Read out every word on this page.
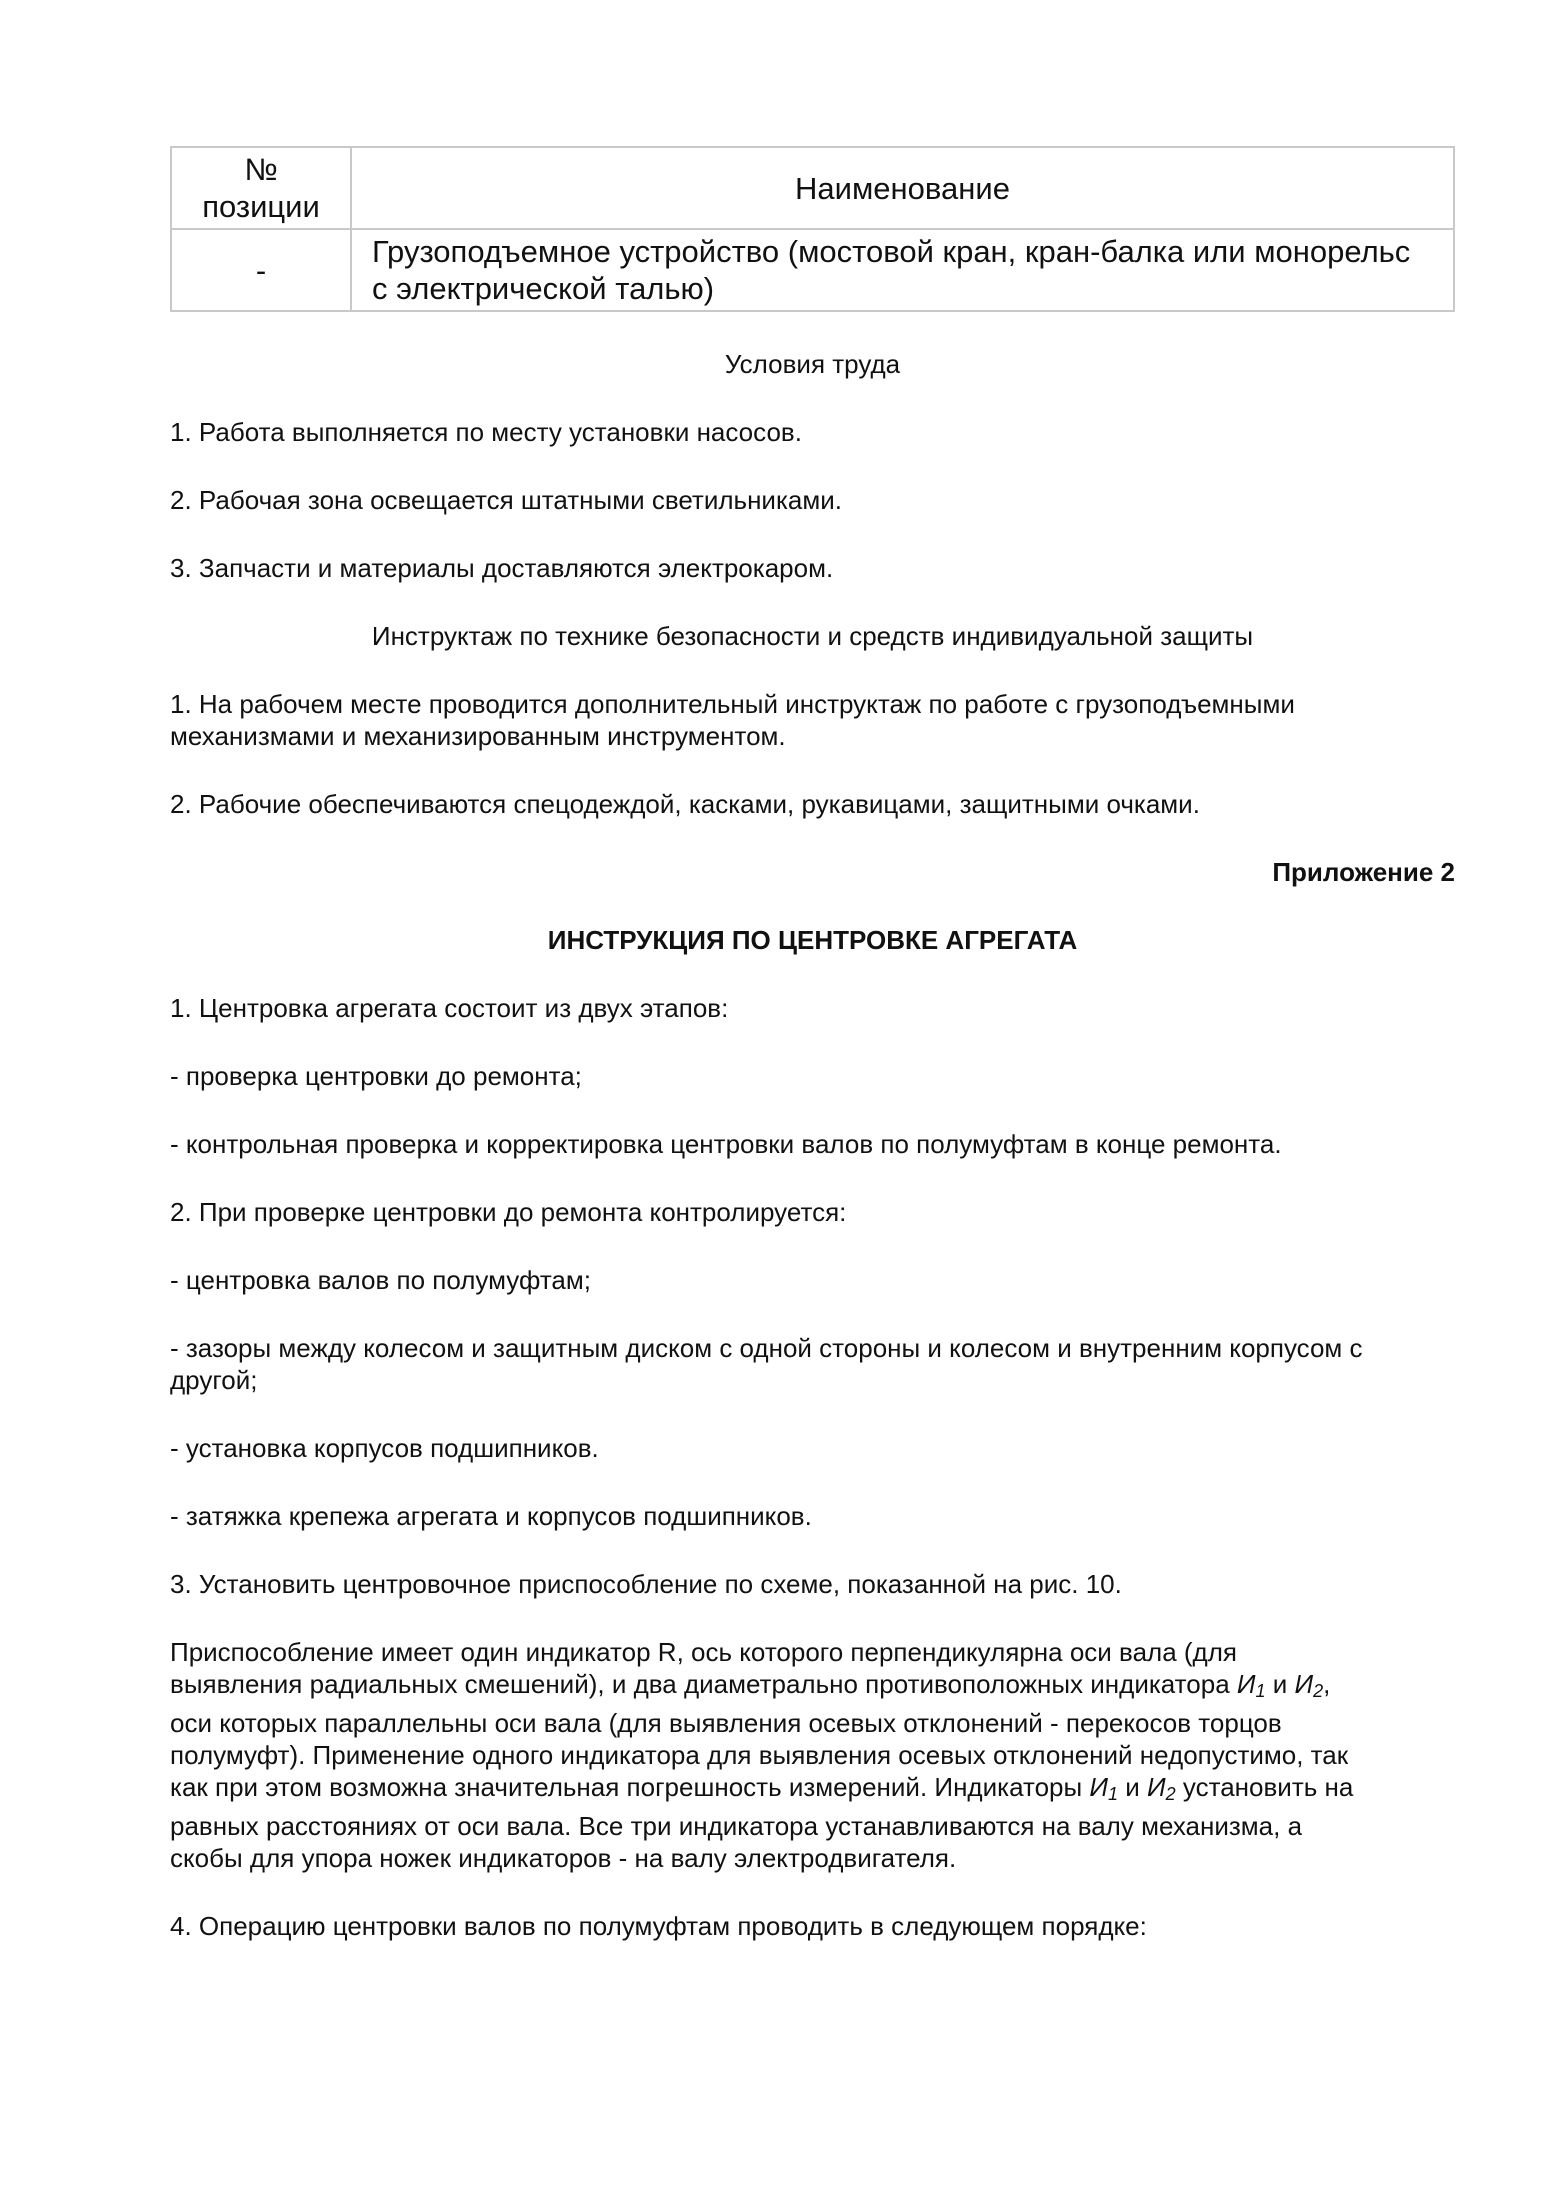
№
позиции	Наименование
-	Грузоподъемное устройство (мостовой кран, кран-балка или монорельс
с электрической талью)

Условия труда

1. Работа выполняется по месту установки насосов.

2. Рабочая зона освещается штатными светильниками.

3. Запчасти и материалы доставляются электрокаром.

Инструктаж по технике безопасности и средств индивидуальной защиты

1. На рабочем месте проводится дополнительный инструктаж по работе с грузоподъемными

механизмами и механизированным инструментом.

2. Рабочие обеспечиваются спецодеждой, касками, рукавицами, защитными очками.

Приложение 2

ИНСТРУКЦИЯ ПО ЦЕНТРОВКЕ АГРЕГАТА

1. Центровка агрегата состоит из двух этапов:

- проверка центровки до ремонта;

- контрольная проверка и корректировка центровки валов по полумуфтам в конце ремонта.

2. При проверке центровки до ремонта контролируется:

- центровка валов по полумуфтам;

- зазоры между колесом и защитным диском с одной стороны и колесом и внутренним корпусом с

другой;

- установка корпусов подшипников.

- затяжка крепежа агрегата и корпусов подшипников.

3. Установить центровочное приспособление по схеме, показанной на рис. 10.

Приспособление имеет один индикатор R, ось которого перпендикулярна оси вала (для

выявления радиальных смешений), и два диаметрально противоположных индикатора $И_1$ и $И_2$,

оси которых параллельны оси вала (для выявления осевых отклонений - перекосов торцов

полумуфт). Применение одного индикатора для выявления осевых отклонений недопустимо, так

как при этом возможна значительная погрешность измерений. Индикаторы $И_1$ и $И_2$ установить на

равных расстояниях от оси вала. Все три индикатора устанавливаются на валу механизма, а

скобы для упора ножек индикаторов - на валу электродвигателя.

4. Операцию центровки валов по полумуфтам проводить в следующем порядке:
